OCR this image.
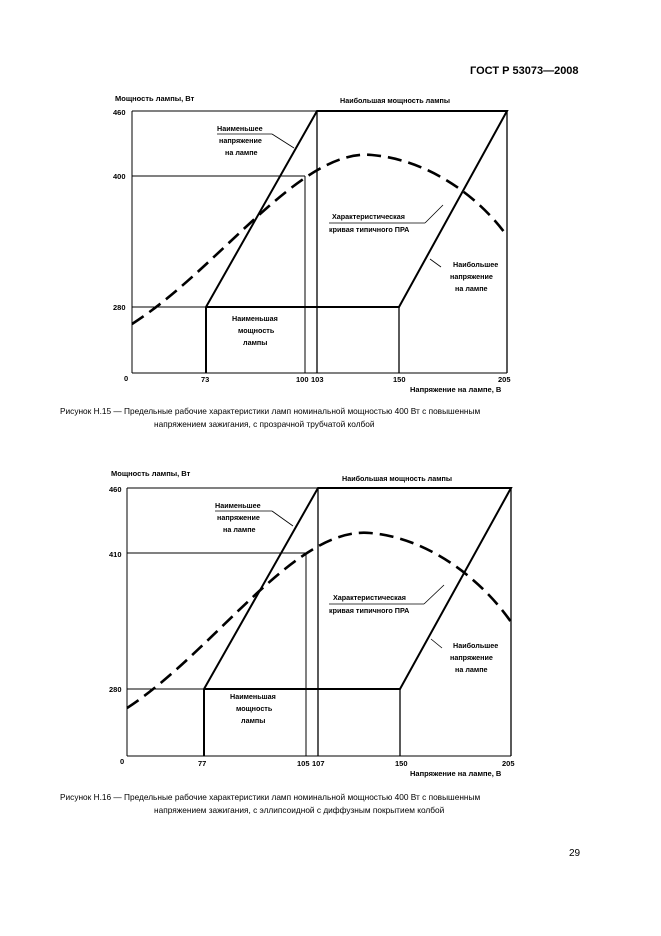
ГОСТ Р 53073—2008
Мощность лампы, Вт
460
400
280
0	73	100 103	150	205
Напряжение на лампе, В
Наибольшая мощность лампы
Наименьшее
напряжение
на лампе
Характеристическая
кривая типичного ПРА
Наибольшее
напряжение
на лампе
Наименьшая
мощность
лампы
Рисунок Н.15 — Предельные рабочие характеристики ламп номинальной мощностью 400 Вт с повышенным
напряжением зажигания, с прозрачной трубчатой колбой
Мощность лампы, Вт
460
410
280
0	77	105 107	150	205
Напряжение на лампе, В
Наибольшая мощность лампы
Наименьшее
напряжение
на лампе
Характеристическая
кривая типичного ПРА
Наибольшее
напряжение
на лампе
Наименьшая
мощность
лампы
Рисунок Н.16 — Предельные рабочие характеристики ламп номинальной мощностью 400 Вт с повышенным
напряжением зажигания, с эллипсоидной с диффузным покрытием колбой
29
